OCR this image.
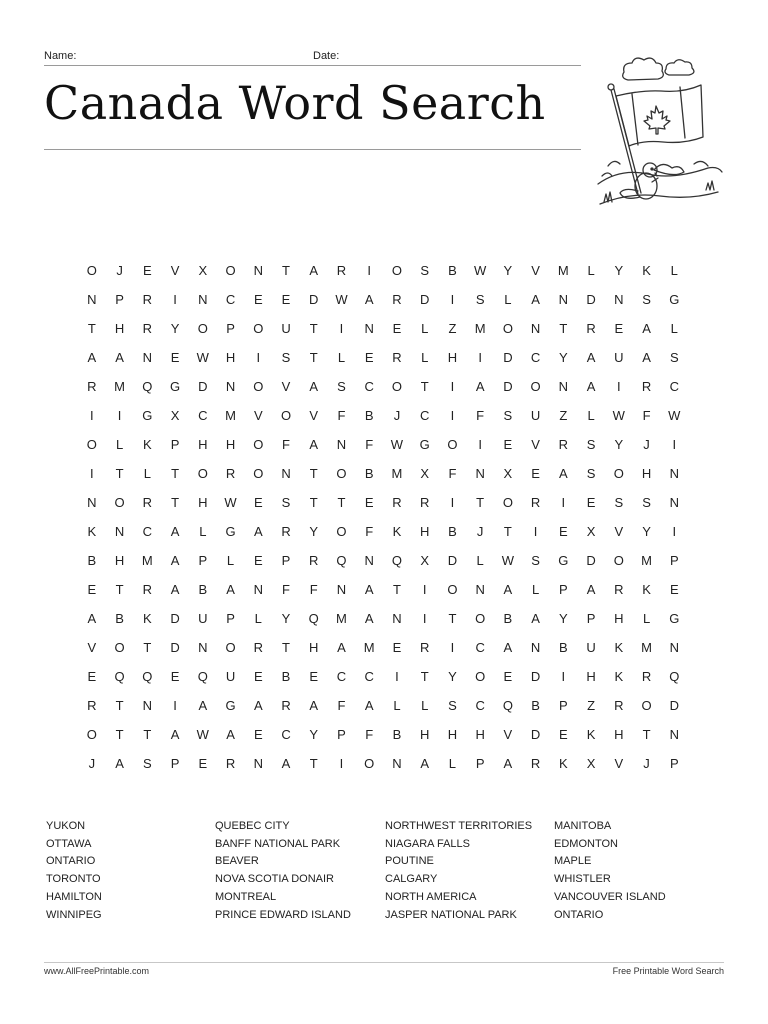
Name:	Date:
Canada Word Search
O	J	E	V	X	O	N	T	A	R	I	O	S	B	W	Y	V	M	L	Y	K	L
N	P	R	I	N	C	E	E	D	W	A	R	D	I	S	L	A	N	D	N	S	G
T	H	R	Y	O	P	O	U	T	I	N	E	L	Z	M	O	N	T	R	E	A	L
A	A	N	E	W	H	I	S	T	L	E	R	L	H	I	D	C	Y	A	U	A	S
R	M	Q	G	D	N	O	V	A	S	C	O	T	I	A	D	O	N	A	I	R	C
I	I	G	X	C	M	V	O	V	F	B	J	C	I	F	S	U	Z	L	W	F	W
O	L	K	P	H	H	O	F	A	N	F	W	G	O	I	E	V	R	S	Y	J	I
I	T	L	T	O	R	O	N	T	O	B	M	X	F	N	X	E	A	S	O	H	N
N	O	R	T	H	W	E	S	T	T	E	R	R	I	T	O	R	I	E	S	S	N
K	N	C	A	L	G	A	R	Y	O	F	K	H	B	J	T	I	E	X	V	Y	I
B	H	M	A	P	L	E	P	R	Q	N	Q	X	D	L	W	S	G	D	O	M	P
E	T	R	A	B	A	N	F	F	N	A	T	I	O	N	A	L	P	A	R	K	E
A	B	K	D	U	P	L	Y	Q	M	A	N	I	T	O	B	A	Y	P	H	L	G
V	O	T	D	N	O	R	T	H	A	M	E	R	I	C	A	N	B	U	K	M	N
E	Q	Q	E	Q	U	E	B	E	C	C	I	T	Y	O	E	D	I	H	K	R	Q
R	T	N	I	A	G	A	R	A	F	A	L	L	S	C	Q	B	P	Z	R	O	D
O	T	T	A	W	A	E	C	Y	P	F	B	H	H	H	V	D	E	K	H	T	N
J	A	S	P	E	R	N	A	T	I	O	N	A	L	P	A	R	K	X	V	J	P
YUKON
OTTAWA
ONTARIO
TORONTO
HAMILTON
WINNIPEG
QUEBEC CITY
BANFF NATIONAL PARK
BEAVER
NOVA SCOTIA DONAIR
MONTREAL
PRINCE EDWARD ISLAND
NORTHWEST TERRITORIES
NIAGARA FALLS
POUTINE
CALGARY
NORTH AMERICA
JASPER NATIONAL PARK
MANITOBA
EDMONTON
MAPLE
WHISTLER
VANCOUVER ISLAND
ONTARIO
www.AllFreePrintable.com	Free Printable Word Search
